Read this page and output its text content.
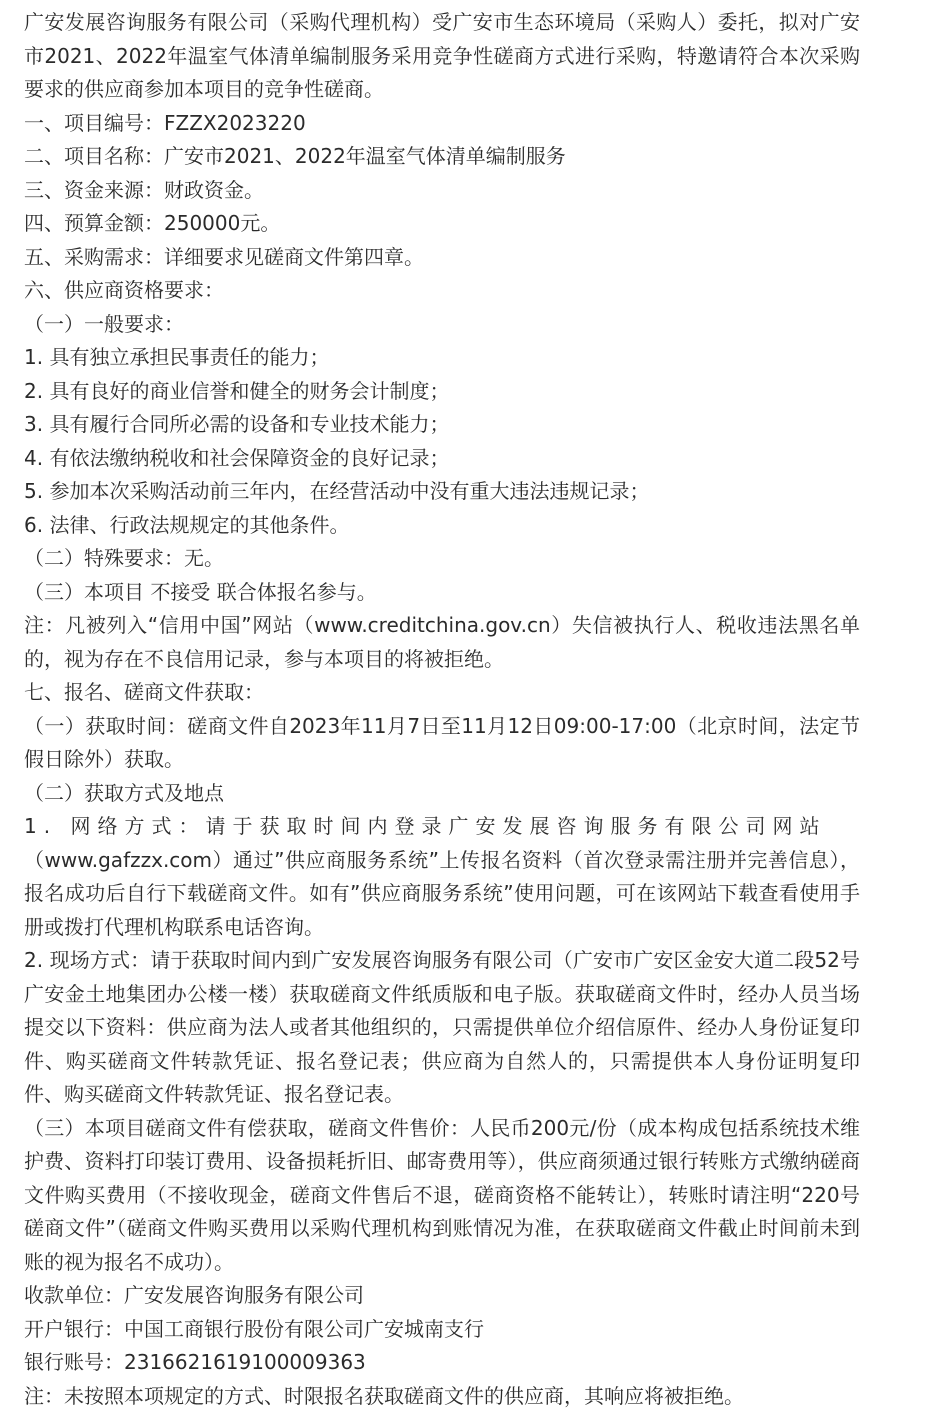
广安发展咨询服务有限公司（采购代理机构）受广安市生态环境局（采购人）委托，拟对广安市2021、2022年温室气体清单编制服务采用竞争性磋商方式进行采购，特邀请符合本次采购要求的供应商参加本项目的竞争性磋商。

一、项目编号：FZZX2023220

二、项目名称：广安市2021、2022年温室气体清单编制服务

三、资金来源：财政资金。

四、预算金额：250000元。

五、采购需求：详细要求见磋商文件第四章。

六、供应商资格要求：

（一）一般要求：

1. 具有独立承担民事责任的能力；

2. 具有良好的商业信誉和健全的财务会计制度；

3. 具有履行合同所必需的设备和专业技术能力；

4. 有依法缴纳税收和社会保障资金的良好记录；

5. 参加本次采购活动前三年内，在经营活动中没有重大违法违规记录；

6. 法律、行政法规规定的其他条件。

（二）特殊要求：无。

（三）本项目 不接受 联合体报名参与。

注：凡被列入“信用中国”网站（www.creditchina.gov.cn）失信被执行人、税收违法黑名单的，视为存在不良信用记录，参与本项目的将被拒绝。

七、报名、磋商文件获取：

（一）获取时间：磋商文件自2023年11月7日至11月12日09:00-17:00（北京时间，法定节假日除外）获取。

（二）获取方式及地点

1. 网络方式：请于获取时间内登录广安发展咨询服务有限公司网站

（www.gafzzx.com）通过”供应商服务系统”上传报名资料（首次登录需注册并完善信息），报名成功后自行下载磋商文件。如有”供应商服务系统”使用问题，可在该网站下载查看使用手册或拨打代理机构联系电话咨询。

2. 现场方式：请于获取时间内到广安发展咨询服务有限公司（广安市广安区金安大道二段52号广安金土地集团办公楼一楼）获取磋商文件纸质版和电子版。获取磋商文件时，经办人员当场提交以下资料：供应商为法人或者其他组织的，只需提供单位介绍信原件、经办人身份证复印件、购买磋商文件转款凭证、报名登记表；供应商为自然人的，只需提供本人身份证明复印件、购买磋商文件转款凭证、报名登记表。

（三）本项目磋商文件有偿获取，磋商文件售价：人民币200元/份（成本构成包括系统技术维护费、资料打印装订费用、设备损耗折旧、邮寄费用等），供应商须通过银行转账方式缴纳磋商文件购买费用（不接收现金，磋商文件售后不退，磋商资格不能转让），转账时请注明“220号磋商文件”（磋商文件购买费用以采购代理机构到账情况为准，在获取磋商文件截止时间前未到账的视为报名不成功）。

收款单位：广安发展咨询服务有限公司

开户银行：中国工商银行股份有限公司广安城南支行

银行账号：2316621619100009363

注：未按照本项规定的方式、时限报名获取磋商文件的供应商，其响应将被拒绝。
